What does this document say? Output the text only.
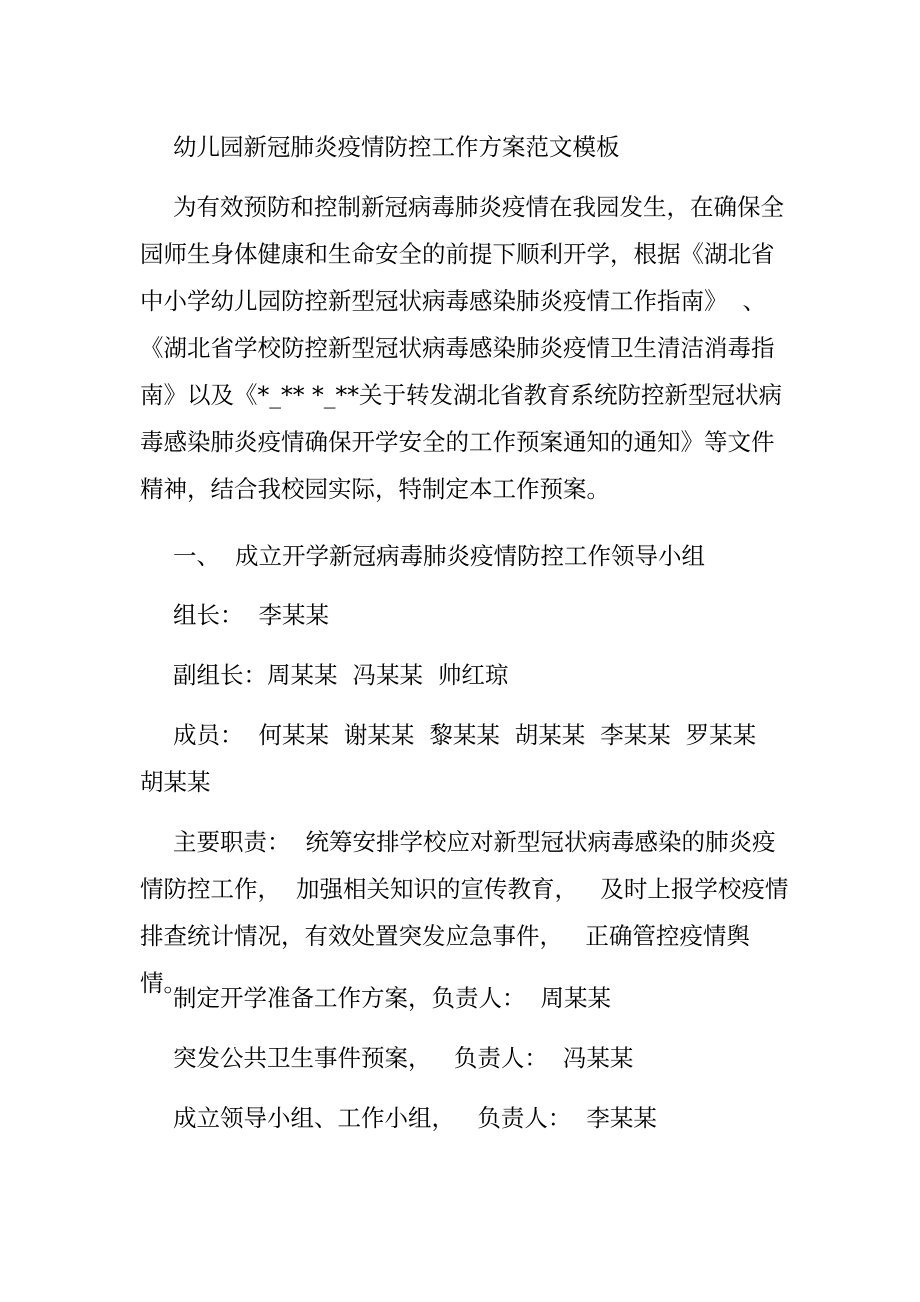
幼儿园新冠肺炎疫情防控工作方案范文模板

为有效预防和控制新冠病毒肺炎疫情在我园发生，在确保全园师生身体健康和生命安全的前提下顺利开学，根据《湖北省中小学幼儿园防控新型冠状病毒感染肺炎疫情工作指南》  、《湖北省学校防控新型冠状病毒感染肺炎疫情卫生清洁消毒指南》以及《*_** *_**关于转发湖北省教育系统防控新型冠状病毒感染肺炎疫情确保开学安全的工作预案通知的通知》等文件精神，结合我校园实际，特制定本工作预案。

一、  成立开学新冠病毒肺炎疫情防控工作领导小组

组长：  李某某

副组长：周某某  冯某某  帅红琼

成员：  何某某  谢某某  黎某某  胡某某  李某某  罗某某  胡某某

主要职责：  统筹安排学校应对新型冠状病毒感染的肺炎疫情防控工作，  加强相关知识的宣传教育，   及时上报学校疫情排查统计情况，有效处置突发应急事件，   正确管控疫情舆情。

制定开学准备工作方案，负责人：  周某某

突发公共卫生事件预案，   负责人：  冯某某

成立领导小组、工作小组，   负责人：  李某某
